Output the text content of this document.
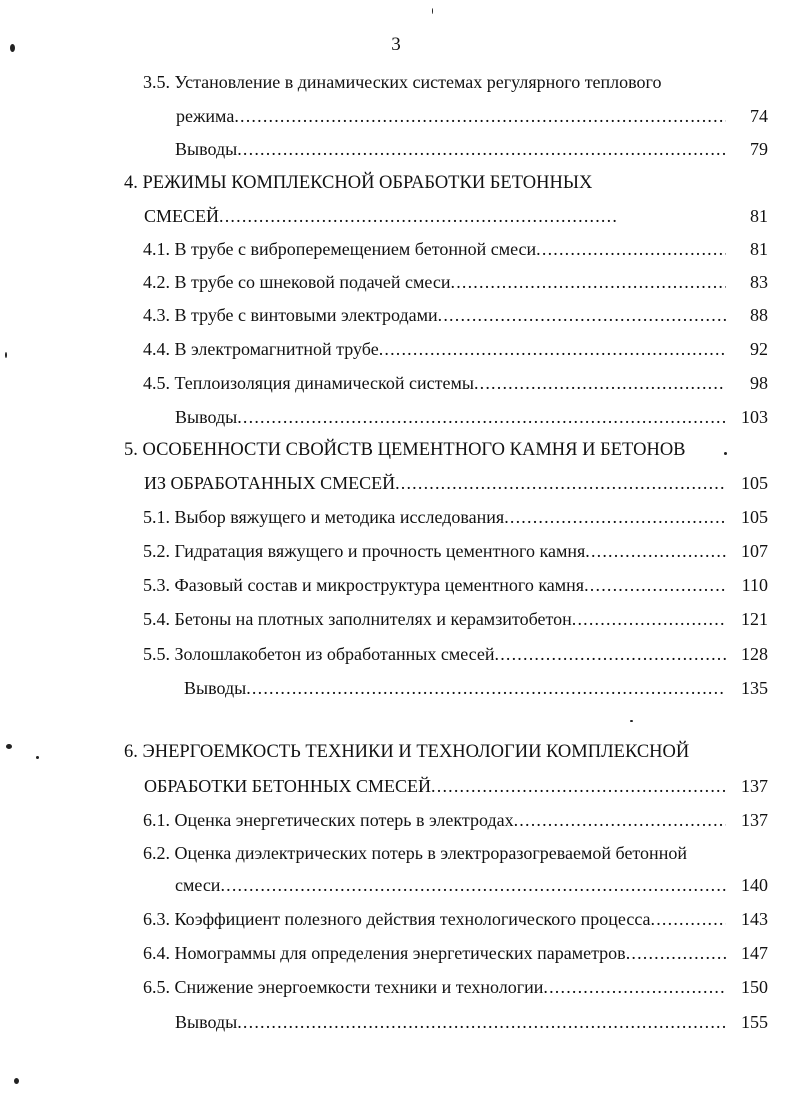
3
3.5. Установление в динамических системах регулярного теплового
режима .....	74
Выводы .....	79
4. РЕЖИМЫ КОМПЛЕКСНОЙ ОБРАБОТКИ БЕТОННЫХ
СМЕСЕЙ .....	81
4.1. В трубе с виброперемещением бетонной смеси .....	81
4.2. В трубе со шнековой подачей смеси .....	83
4.3. В трубе с винтовыми электродами .....	88
4.4. В электромагнитной трубе .....	92
4.5. Теплоизоляция динамической системы .....	98
Выводы .....	103
5. ОСОБЕННОСТИ СВОЙСТВ ЦЕМЕНТНОГО КАМНЯ И БЕТОНОВ
ИЗ ОБРАБОТАННЫХ СМЕСЕЙ .....	105
5.1. Выбор вяжущего и методика исследования .....	105
5.2. Гидратация вяжущего и прочность цементного камня .....	107
5.3. Фазовый состав и микроструктура цементного камня .....	110
5.4. Бетоны на плотных заполнителях и керамзитобетон .....	121
5.5. Золошлакобетон из обработанных смесей .....	128
Выводы .....	135
6. ЭНЕРГОЕМКОСТЬ ТЕХНИКИ И ТЕХНОЛОГИИ КОМПЛЕКСНОЙ
ОБРАБОТКИ БЕТОННЫХ СМЕСЕЙ .....	137
6.1. Оценка энергетических потерь в электродах .....	137
6.2. Оценка диэлектрических потерь в электроразогреваемой бетонной
смеси .....	140
6.3. Коэффициент полезного действия технологического процесса .....	143
6.4. Номограммы для определения энергетических параметров .....	147
6.5. Снижение энергоемкости техники и технологии .....	150
Выводы .....	155
